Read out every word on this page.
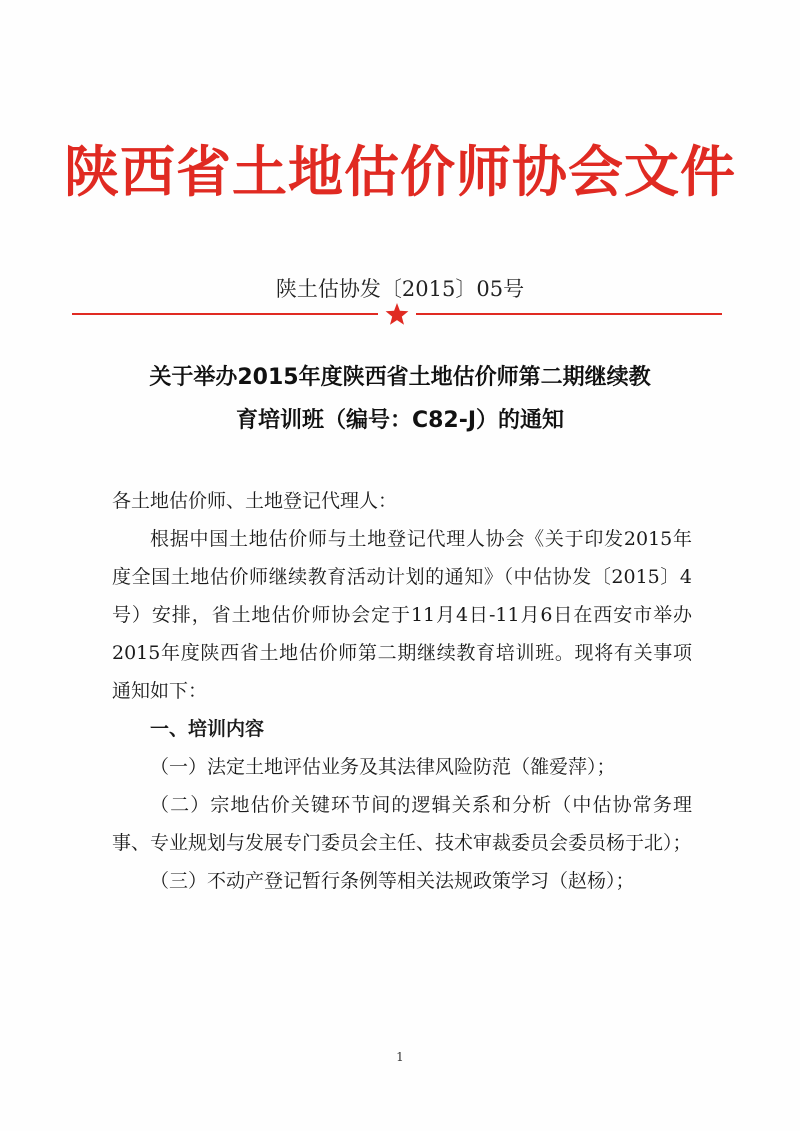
陕西省土地估价师协会文件
陕土估协发〔2015〕05号
关于举办2015年度陕西省土地估价师第二期继续教
育培训班（编号：C82-J）的通知
各土地估价师、土地登记代理人：

根据中国土地估价师与土地登记代理人协会《关于印发2015年度全国土地估价师继续教育活动计划的通知》（中估协发〔2015〕4号）安排，省土地估价师协会定于11月4日-11月6日在西安市举办2015年度陕西省土地估价师第二期继续教育培训班。现将有关事项通知如下：

一、培训内容

（一）法定土地评估业务及其法律风险防范（雒爱萍）；

（二）宗地估价关键环节间的逻辑关系和分析（中估协常务理事、专业规划与发展专门委员会主任、技术审裁委员会委员杨于北）；

（三）不动产登记暂行条例等相关法规政策学习（赵杨）；

1
